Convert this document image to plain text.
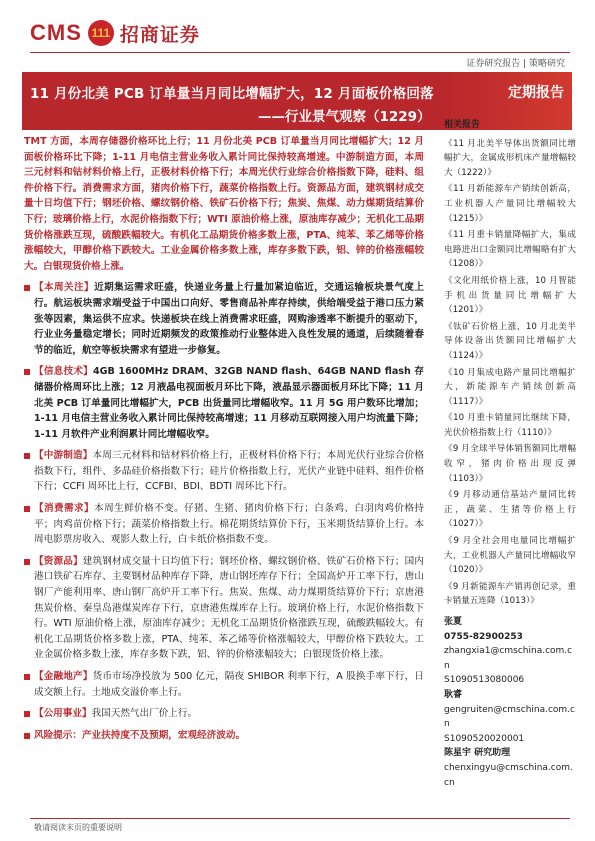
CMS 111 招商证券
证券研究报告 | 策略研究
11 月份北美 PCB 订单量当月同比增幅扩大，12 月面板价格回落
——行业景气观察（1229）
定期报告
TMT 方面，本周存储器价格环比上行；11 月份北美 PCB 订单量当月同比增幅扩大；12 月面板价格环比下降；1-11 月电信主营业务收入累计同比保持较高增速。中游制造方面，本周三元材料和钴材料价格上行，正极材料价格下行；本周光伏行业综合价格指数下降，硅料、组件价格下行。消费需求方面，猪肉价格下行，蔬菜价格指数上行。资源品方面，建筑钢材成交量十日均值下行；钢坯价格、螺纹钢价格、铁矿石价格下行；焦炭、焦煤、动力煤期货结算价下行；玻璃价格上行，水泥价格指数下行；WTI 原油价格上涨，原油库存减少；无机化工品期货价格涨跌互现，硫酸跌幅较大。有机化工品期货价格多数上涨，PTA、纯苯、苯乙烯等价格涨幅较大，甲醇价格下跌较大。工业金属价格多数上涨，库存多数下跌，铝、锌的价格涨幅较大。白银现货价格上涨。
【本周关注】近期集运需求旺盛，快递业务量上行量加紧迫临近，交通运输板块景气度上行。航运板块需求端受益于中国出口向好、零售商品补库存持续，供给端受益于港口压力紧张等因素，集运供不应求。快递板块在线上消费需求旺盛，网购渗透率不断提升的驱动下，行业业务量稳定增长；同时近期频发的政策推动行业整体进入良性发展的通道，后续随着春节的临近，航空等板块需求有望进一步修复。
【信息技术】4GB 1600MHz DRAM、32GB NAND flash、64GB NAND flash 存储器价格周环比上涨；12 月液晶电视面板月环比下降，液晶显示器面板月环比下降；11 月北美 PCB 订单量同比增幅扩大，PCB 出货量同比增幅收窄。11 月 5G 用户数环比增加；1-11 月电信主营业务收入累计同比保持较高增速；11 月移动互联网接入用户均流量下降；1-11 月软件产业利润累计同比增幅收窄。
【中游制造】本周三元材料和钴材料价格上行，正极材料价格下行；本周光伏行业综合价格指数下行，组件、多晶硅价格指数下行；硅片价格指数上行，光伏产业链中硅料、组件价格下行；CCFI 周环比上行，CCFBI、BDI、BDTI 周环比下行。
【消费需求】本周生鲜价格不变。仔猪、生猪、猪肉价格下行；白条鸡、白羽肉鸡价格持平；肉鸡苗价格下行；蔬菜价格指数上行。棉花期货结算价下行，玉米期货结算价上行。本周电影票房收入、观影人数上行，白卡纸价格指数不变。
【资源品】建筑钢材成交量十日均值下行；钢坯价格、螺纹钢价格、铁矿石价格下行；国内港口铁矿石库存、主要钢材品种库存下降，唐山钢坯库存下行；全国高炉开工率下行，唐山钢厂产能利用率、唐山钢厂高炉开工率下行。焦炭、焦煤、动力煤期货结算价下行；京唐港焦炭价格、秦皇岛港煤炭库存下行，京唐港焦煤库存上行。玻璃价格上行，水泥价格指数下行。WTI 原油价格上涨，原油库存减少；无机化工品期货价格涨跌互现，硫酸跌幅较大。有机化工品期货价格多数上涨，PTA、纯苯、苯乙烯等价格涨幅较大，甲醇价格下跌较大。工业金属价格多数上涨，库存多数下跌，铝、锌的价格涨幅较大；白银现货价格上涨。
【金融地产】货币市场净投放为 500 亿元，隔夜 SHIBOR 利率下行，A 股换手率下行，日成交额上行。土地成交溢价率上行。
【公用事业】我国天然气出厂价上行。
风险提示：产业扶持度不及预期，宏观经济波动。
相关报告
《11 月北美半导体出货额同比增幅扩大，金属成形机床产量增幅较大（1222）》
《11 月新能源车产销续创新高，工业机器人产量同比增幅较大（1215）》
《11 月重卡销量降幅扩大，集成电路进出口金额同比增幅略有扩大（1208）》
《文化用纸价格上涨，10 月智能手机出货量同比增幅扩大（1201）》
《钛矿石价格上涨，10 月北美半导体设备出货额同比增幅扩大（1124）》
《10 月集成电路产量同比增幅扩大，新能源车产销续创新高（1117）》
《10 月重卡销量同比继续下降，光伏价格指数上行（1110）》
《9 月全球半导体销售额同比增幅收窄，猪肉价格出现反弹（1103）》
《9 月移动通信基站产量同比转正，蔬菜、生猪等价格上行（1027）》
《9 月全社会用电量同比增幅扩大，工业机器人产量同比增幅收窄（1020）》
《9 月新能源车产销再创记录，重卡销量五连降（1013）》
张夏
0755-82900253
zhangxia1@cmschina.com.cn
S1090513080006
耿睿
gengruiten@cmschina.com.cn
S1090520020001
陈星宇 研究助理
chenxingyu@cmschina.com.cn
敬请阅读末页的重要说明
